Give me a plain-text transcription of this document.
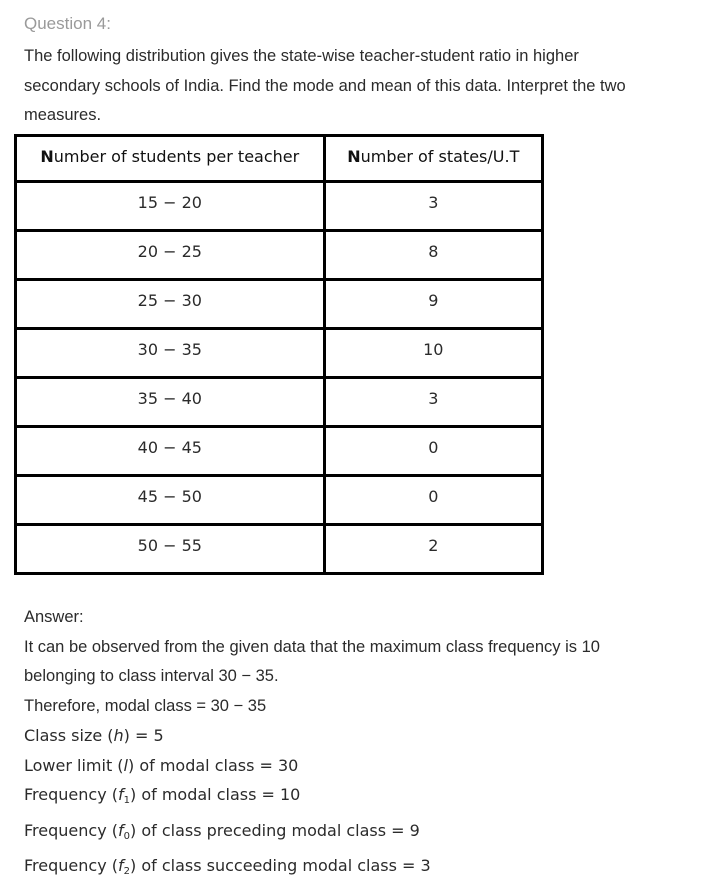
Question 4:
The following distribution gives the state-wise teacher-student ratio in higher
secondary schools of India. Find the mode and mean of this data. Interpret the two
measures.
Number of students per teacher	Number of states/U.T
15 − 20	3
20 − 25	8
25 − 30	9
30 − 35	10
35 − 40	3
40 − 45	0
45 − 50	0
50 − 55	2
Answer:
It can be observed from the given data that the maximum class frequency is 10
belonging to class interval 30 − 35.
Therefore, modal class = 30 − 35
Class size (h) = 5
Lower limit (l) of modal class = 30
Frequency $(f_1)$ of modal class = 10
Frequency $(f_0)$ of class preceding modal class = 9
Frequency $(f_2)$ of class succeeding modal class = 3
